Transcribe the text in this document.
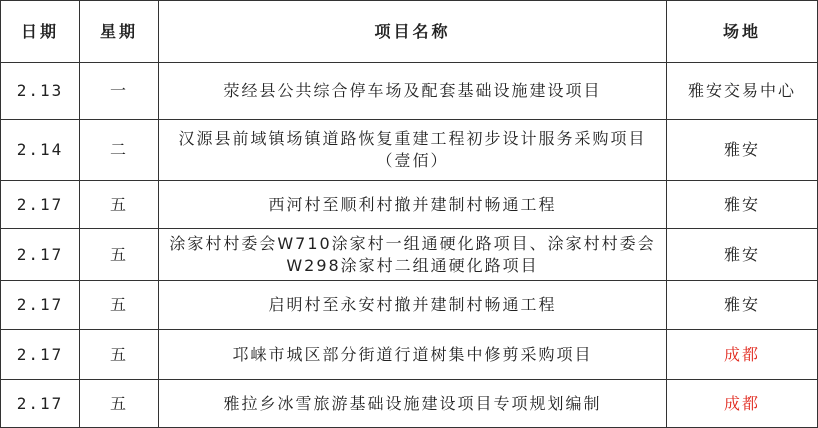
日期	星期	项目名称	场地
2.13	一	荥经县公共综合停车场及配套基础设施建设项目	雅安交易中心
2.14	二	汉源县前域镇场镇道路恢复重建工程初步设计服务采购项目（壹佰）	雅安
2.17	五	西河村至顺利村撤并建制村畅通工程	雅安
2.17	五	涂家村村委会W710涂家村一组通硬化路项目、涂家村村委会W298涂家村二组通硬化路项目	雅安
2.17	五	启明村至永安村撤并建制村畅通工程	雅安
2.17	五	邛崃市城区部分街道行道树集中修剪采购项目	成都
2.17	五	雅拉乡冰雪旅游基础设施建设项目专项规划编制	成都
